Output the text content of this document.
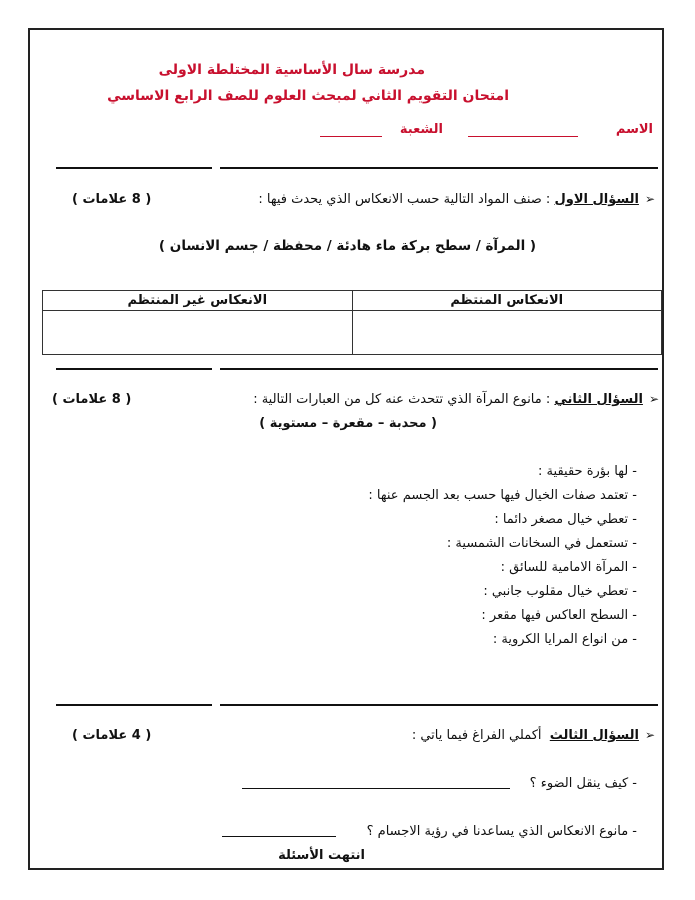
مدرسة سال الأساسية المختلطة الاولى
امتحان التقويم الثاني لمبحث العلوم للصف الرابع الاساسي
الاسم
الشعبة
➢السؤال الاول : صنف المواد التالية حسب الانعكاس الذي يحدث فيها :
( 8 علامات )
( المرآة / سطح بركة ماء هادئة / محفظة / جسم الانسان )
الانعكاس المنتظم	الانعكاس غير المنتظم

➢السؤال الثاني : مانوع المرآة الذي تتحدث عنه كل من العبارات التالية :
( 8 علامات )
( محدبة – مقعرة – مستوية )
- لها بؤرة حقيقية :
- تعتمد صفات الخيال فيها حسب بعد الجسم عنها :
- تعطي خيال مصغر دائما :
- تستعمل في السخانات الشمسية :
- المرآة الامامية للسائق :
- تعطي خيال مقلوب جانبي :
- السطح العاكس فيها مقعر :
- من انواع المرايا الكروية :
➢السؤال الثالث  أكملي الفراغ فيما ياتي :
( 4 علامات )
- كيف ينقل الضوء ؟
- مانوع الانعكاس الذي يساعدنا في رؤية الاجسام ؟
انتهت الأسئلة
